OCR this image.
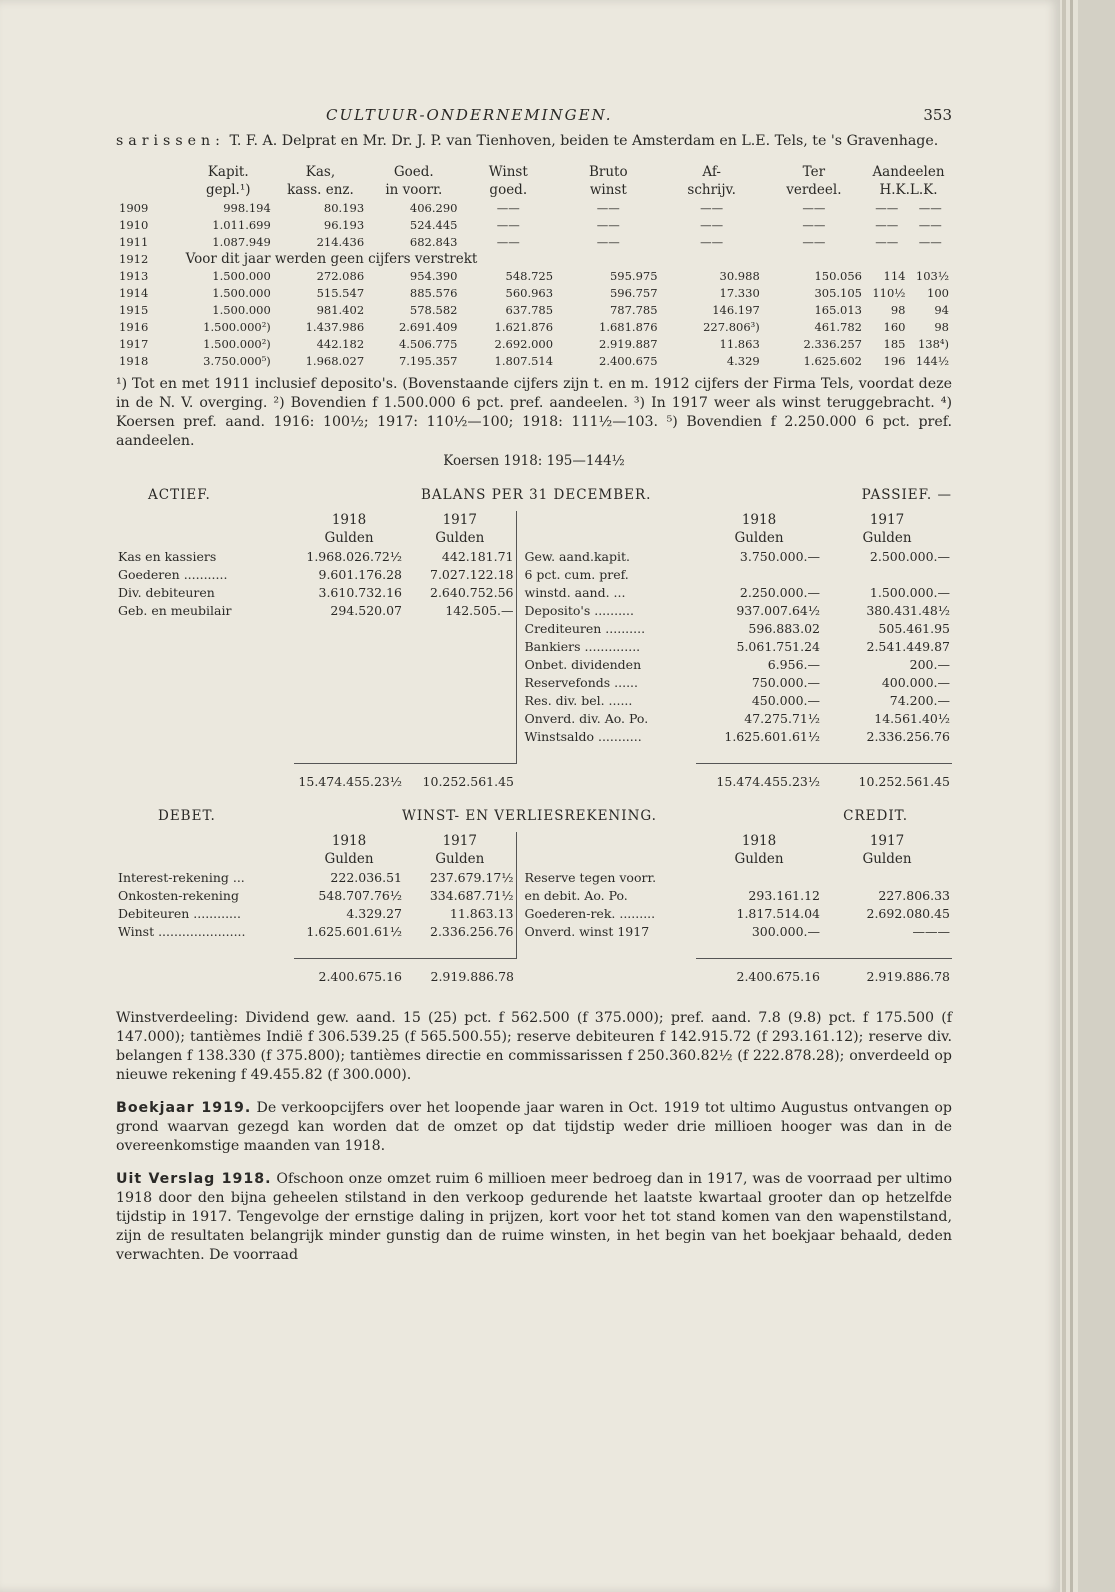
CULTUUR-ONDERNEMINGEN.	353

sarissen: T. F. A. Delprat en Mr. Dr. J. P. van Tienhoven, beiden te Amsterdam en L.E. Tels, te 's Gravenhage.

	Kapit.	Kas,	Goed.	Winst	Bruto	Af-	Ter	Aandeelen	
	gepl.¹)	kass. enz.	in voorr.	goed.	winst	schrijv.	verdeel.	H.K.L.K.	
1909	998.194	80.193	406.290	——	——	——	——	——	——
1910	1.011.699	96.193	524.445	——	——	——	——	——	——
1911	1.087.949	214.436	682.843	——	——	——	——	——	——
1912	Voor dit jaar werden geen cijfers verstrekt								
1913	1.500.000	272.086	954.390	548.725	595.975	30.988	150.056	114	103½
1914	1.500.000	515.547	885.576	560.963	596.757	17.330	305.105	110½	100
1915	1.500.000	981.402	578.582	637.785	787.785	146.197	165.013	98	94
1916	1.500.000²)	1.437.986	2.691.409	1.621.876	1.681.876	227.806³)	461.782	160	98
1917	1.500.000²)	442.182	4.506.775	2.692.000	2.919.887	11.863	2.336.257	185	138⁴)
1918	3.750.000⁵)	1.968.027	7.195.357	1.807.514	2.400.675	4.329	1.625.602	196	144½

¹) Tot en met 1911 inclusief deposito's. (Bovenstaande cijfers zijn t. en m. 1912 cijfers der Firma Tels, voordat deze in de N. V. overging. ²) Bovendien f 1.500.000 6 pct. pref. aandeelen. ³) In 1917 weer als winst teruggebracht. ⁴) Koersen pref. aand. 1916: 100½; 1917: 110½—100; 1918: 111½—103. ⁵) Bovendien f 2.250.000 6 pct. pref. aandeelen.

Koersen 1918: 195—144½

ACTIEF.	BALANS PER 31 DECEMBER.	PASSIEF. —
	1918	1917		1918	1917
	Gulden	Gulden		Gulden	Gulden
Kas en kassiers	1.968.026.72½	442.181.71	Gew. aand.kapit.	3.750.000.—	2.500.000.—
Goederen ...........	9.601.176.28	7.027.122.18	6 pct. cum. pref.		
Div. debiteuren	3.610.732.16	2.640.752.56	winstd. aand. ...	2.250.000.—	1.500.000.—
Geb. en meubilair	294.520.07	142.505.—	Deposito's ..........	937.007.64½	380.431.48½
			Crediteuren ..........	596.883.02	505.461.95
			Bankiers ..............	5.061.751.24	2.541.449.87
			Onbet. dividenden	6.956.—	200.—
			Reservefonds ......	750.000.—	400.000.—
			Res. div. bel. ......	450.000.—	74.200.—
			Onverd. div. Ao. Po.	47.275.71½	14.561.40½
			Winstsaldo ...........	1.625.601.61½	2.336.256.76

	15.474.455.23½	10.252.561.45		15.474.455.23½	10.252.561.45
DEBET.	WINST- EN VERLIESREKENING.	CREDIT.
	1918	1917		1918	1917
	Gulden	Gulden		Gulden	Gulden
Interest-rekening ...	222.036.51	237.679.17½	Reserve tegen voorr.		
Onkosten-rekening	548.707.76½	334.687.71½	en debit. Ao. Po.	293.161.12	227.806.33
Debiteuren ............	4.329.27	11.863.13	Goederen-rek. .........	1.817.514.04	2.692.080.45
Winst ......................	1.625.601.61½	2.336.256.76	Onverd. winst 1917	300.000.—	———

	2.400.675.16	2.919.886.78		2.400.675.16	2.919.886.78

Winstverdeeling: Dividend gew. aand. 15 (25) pct. f 562.500 (f 375.000); pref. aand. 7.8 (9.8) pct. f 175.500 (f 147.000); tantièmes Indië f 306.539.25 (f 565.500.55); reserve debiteuren f 142.915.72 (f 293.161.12); reserve div. belangen f 138.330 (f 375.800); tantièmes directie en commissarissen f 250.360.82½ (f 222.878.28); onverdeeld op nieuwe rekening f 49.455.82 (f 300.000).

Boekjaar 1919. De verkoopcijfers over het loopende jaar waren in Oct. 1919 tot ultimo Augustus ontvangen op grond waarvan gezegd kan worden dat de omzet op dat tijdstip weder drie millioen hooger was dan in de overeenkomstige maanden van 1918.

Uit Verslag 1918. Ofschoon onze omzet ruim 6 millioen meer bedroeg dan in 1917, was de voorraad per ultimo 1918 door den bijna geheelen stilstand in den verkoop gedurende het laatste kwartaal grooter dan op hetzelfde tijdstip in 1917. Tengevolge der ernstige daling in prijzen, kort voor het tot stand komen van den wapenstilstand, zijn de resultaten belangrijk minder gunstig dan de ruime winsten, in het begin van het boekjaar behaald, deden verwachten. De voorraad
